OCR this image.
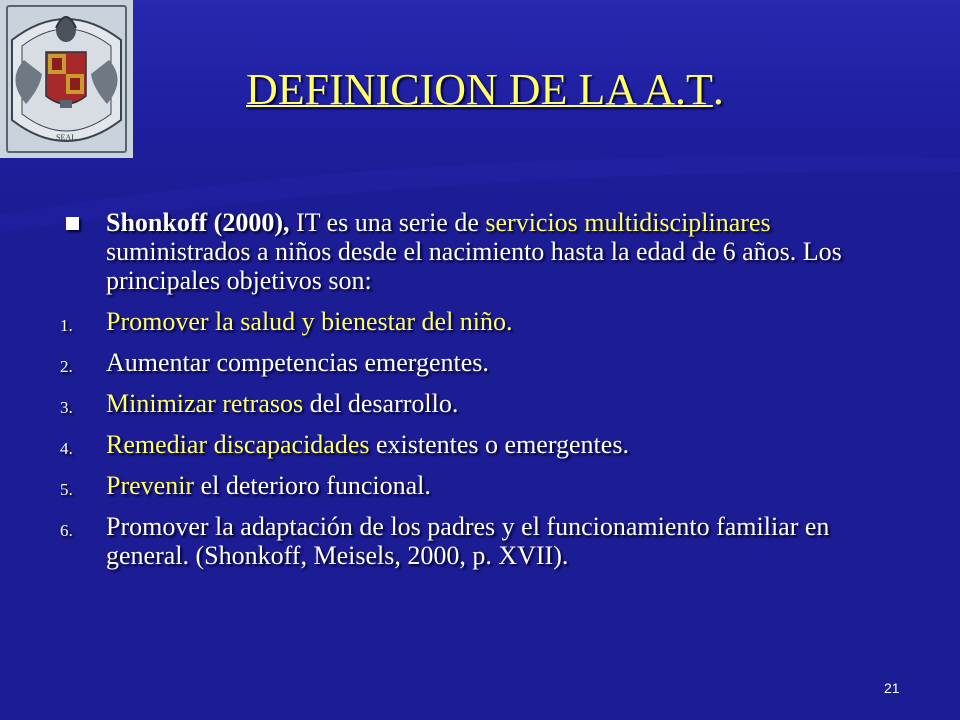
SEAL
DEFINICION DE LA A.T.

Shonkoff (2000), IT es una serie de servicios multidisciplinares suministrados a niños desde el nacimiento hasta la edad de 6 años. Los principales objetivos son:

1. Promover la salud y bienestar del niño.
2. Aumentar competencias emergentes.
3. Minimizar retrasos del desarrollo.
4. Remediar discapacidades existentes o emergentes.
5. Prevenir el deterioro funcional.
6. Promover la adaptación de los padres y el funcionamiento familiar en general. (Shonkoff, Meisels, 2000, p. XVII).
21
